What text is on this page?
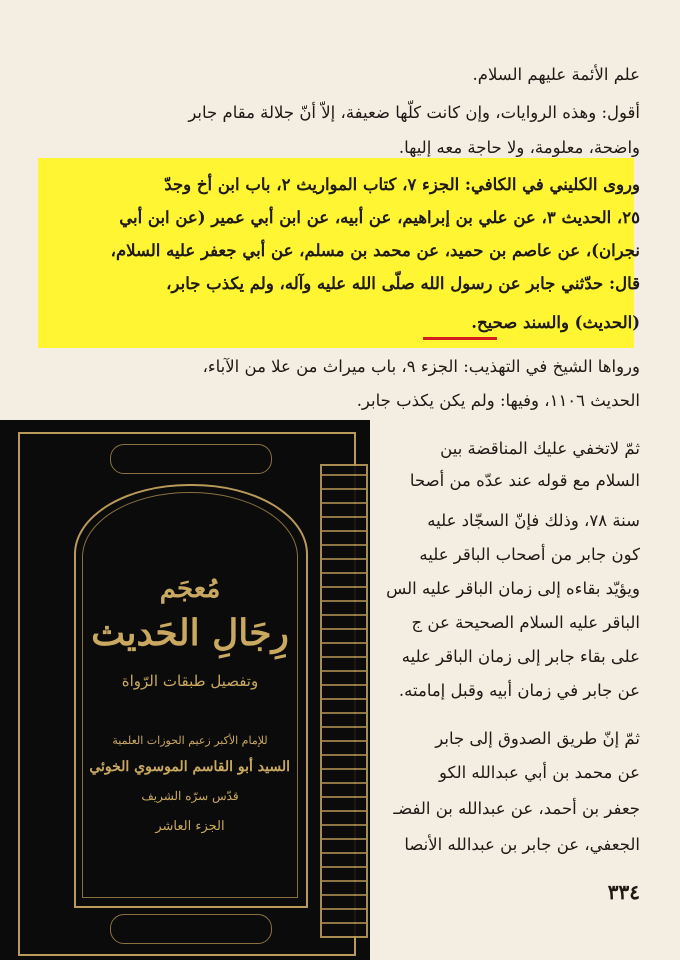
علم الأئمة عليهم السلام.
أقول: وهذه الروايات، وإن كانت كلّها ضعيفة، إلاّ أنّ جلالة مقام جابر
واضحة، معلومة، ولا حاجة معه إليها.
وروى الكليني في الكافي: الجزء ٧، كتاب المواريث ٢، باب ابن أخ وجدّ
٢٥، الحديث ٣، عن علي بن إبراهيم، عن أبيه، عن ابن أبي عمير (عن ابن أبي
نجران)، عن عاصم بن حميد، عن محمد بن مسلم، عن أبي جعفر عليه السلام،
قال: حدّثني جابر عن رسول الله صلّى الله عليه وآله، ولم يكذب جابر،
(الحديث) والسند صحيح.
ورواها الشيخ في التهذيب: الجزء ٩، باب ميراث من علا من الآباء،
الحديث ١١٠٦، وفيها: ولم يكن يكذب جابر.
ثمّ لاتخفي عليك المناقضة بين
السلام مع قوله عند عدّه من أصحا
سنة ٧٨، وذلك فإنّ السجّاد عليه
كون جابر من أصحاب الباقر عليه
ويؤيّد بقاءه إلى زمان الباقر عليه الس
الباقر عليه السلام الصحيحة عن ج
على بقاء جابر إلى زمان الباقر عليه
عن جابر في زمان أبيه وقبل إمامته.
ثمّ إنّ طريق الصدوق إلى جابر
عن محمد بن أبي عبدالله الكو
جعفر بن أحمد، عن عبدالله بن الفضـ
الجعفي، عن جابر بن عبدالله الأنصا
٣٣٤
مُعجَم
رِجَالِ الحَديث
وتفصيل طبقات الرّواة
للإمام الأكبر زعيم الحوزات العلمية
السيد أبو القاسم الموسوي الخوئي
قدّس سرّه الشريف
الجزء العاشر
